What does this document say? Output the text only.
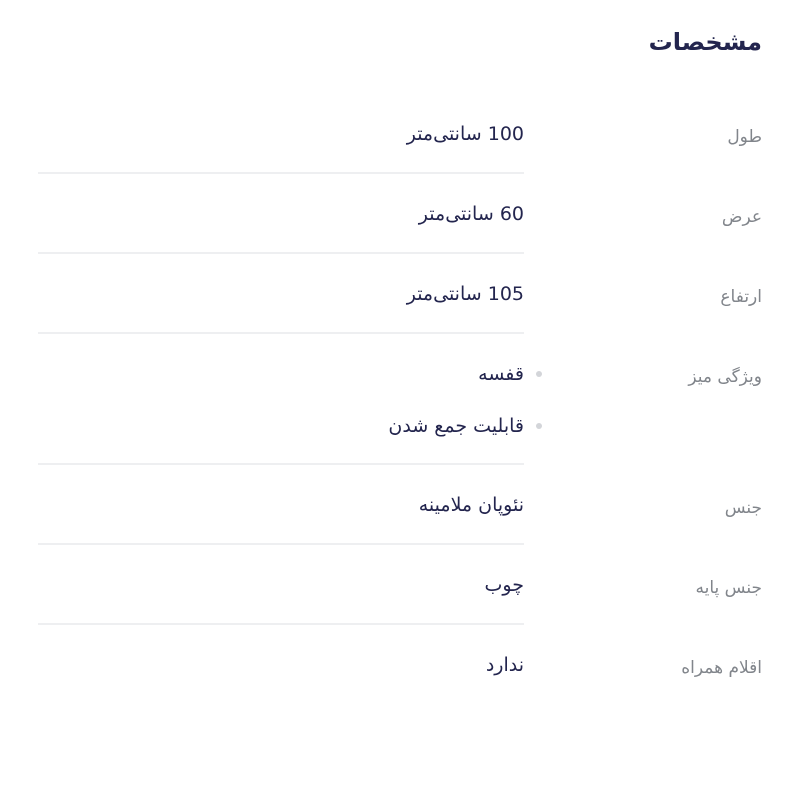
مشخصات
طول
100 سانتی‌متر
عرض
60 سانتی‌متر
ارتفاع
105 سانتی‌متر
ویژگی میز
قفسه
قابلیت جمع شدن
جنس
نئوپان ملامینه
جنس پایه
چوب
اقلام همراه
ندارد
